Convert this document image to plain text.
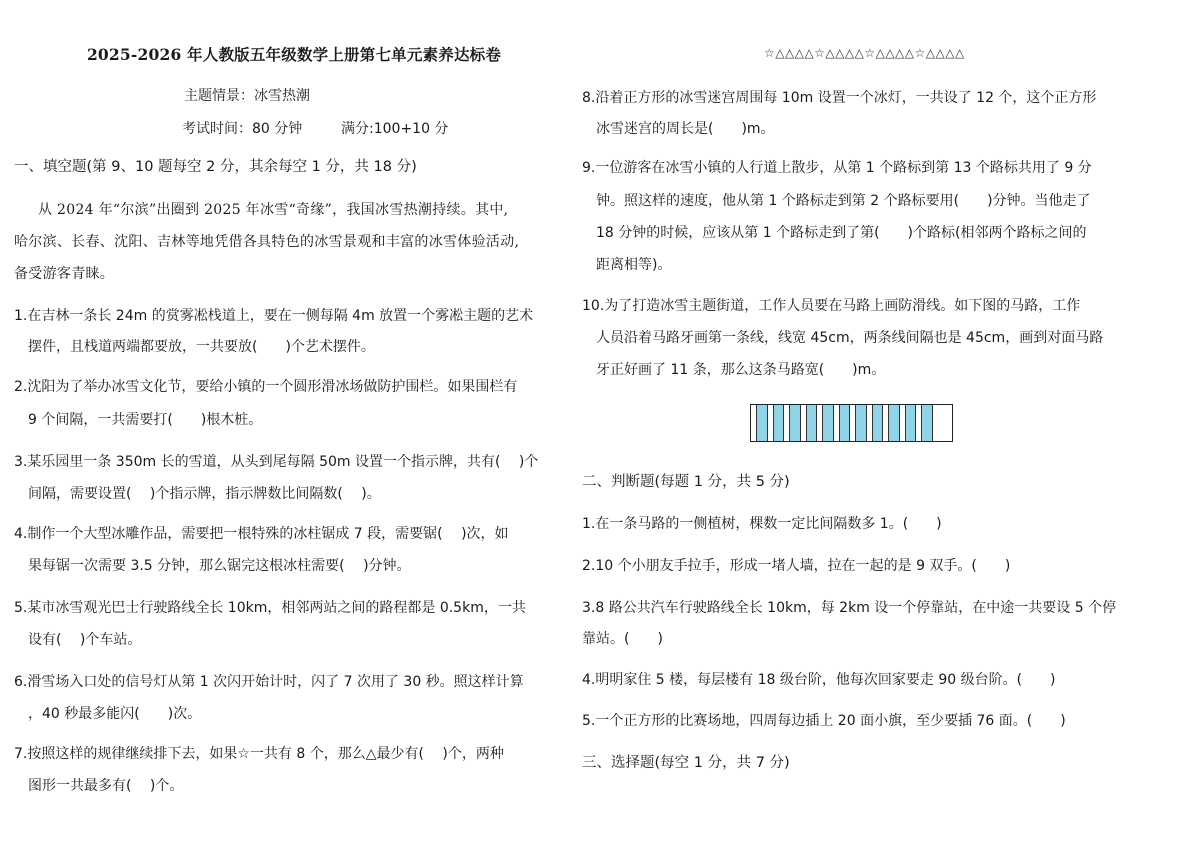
2025-2026 年人教版五年级数学上册第七单元素养达标卷
主题情景：冰雪热潮
考试时间：80 分钟	满分:100+10 分
一、填空题(第 9、10 题每空 2 分，其余每空 1 分，共 18 分)
从 2024 年“尔滨”出圈到 2025 年冰雪“奇缘”，我国冰雪热潮持续。其中,
哈尔滨、长春、沈阳、吉林等地凭借各具特色的冰雪景观和丰富的冰雪体验活动,
备受游客青睐。
1.在吉林一条长 24m 的赏雾凇栈道上，要在一侧每隔 4m 放置一个雾凇主题的艺术
摆件，且栈道两端都要放，一共要放(　　)个艺术摆件。
2.沈阳为了举办冰雪文化节，要给小镇的一个圆形滑冰场做防护围栏。如果围栏有
9 个间隔，一共需要打(　　)根木桩。
3.某乐园里一条 350m 长的雪道，从头到尾每隔 50m 设置一个指示牌，共有(　 )个
间隔，需要设置(　 )个指示牌，指示牌数比间隔数(　 )。
4.制作一个大型冰雕作品，需要把一根特殊的冰柱锯成 7 段，需要锯(　 )次，如
果每锯一次需要 3.5 分钟，那么锯完这根冰柱需要(　 )分钟。
5.某市冰雪观光巴士行驶路线全长 10km，相邻两站之间的路程都是 0.5km，一共
设有(　 )个车站。
6.滑雪场入口处的信号灯从第 1 次闪开始计时，闪了 7 次用了 30 秒。照这样计算
，40 秒最多能闪(　　)次。
7.按照这样的规律继续排下去，如果☆一共有 8 个，那么△最少有(　 )个，两种
图形一共最多有(　 )个。
☆△△△△☆△△△△☆△△△△☆△△△△
8.沿着正方形的冰雪迷宫周围每 10m 设置一个冰灯，一共设了 12 个，这个正方形
冰雪迷宫的周长是(　　)m。
9.一位游客在冰雪小镇的人行道上散步，从第 1 个路标到第 13 个路标共用了 9 分
钟。照这样的速度，他从第 1 个路标走到第 2 个路标要用(　　)分钟。当他走了
18 分钟的时候，应该从第 1 个路标走到了第(　　)个路标(相邻两个路标之间的
距离相等)。
10.为了打造冰雪主题街道，工作人员要在马路上画防滑线。如下图的马路，工作
人员沿着马路牙画第一条线，线宽 45cm，两条线间隔也是 45cm，画到对面马路
牙正好画了 11 条，那么这条马路宽(　　)m。
二、判断题(每题 1 分，共 5 分)
1.在一条马路的一侧植树，棵数一定比间隔数多 1。(　　)
2.10 个小朋友手拉手，形成一堵人墙，拉在一起的是 9 双手。(　　)
3.8 路公共汽车行驶路线全长 10km，每 2km 设一个停靠站，在中途一共要设 5 个停
靠站。(　　)
4.明明家住 5 楼，每层楼有 18 级台阶，他每次回家要走 90 级台阶。(　　)
5.一个正方形的比赛场地，四周每边插上 20 面小旗，至少要插 76 面。(　　)
三、选择题(每空 1 分，共 7 分)
